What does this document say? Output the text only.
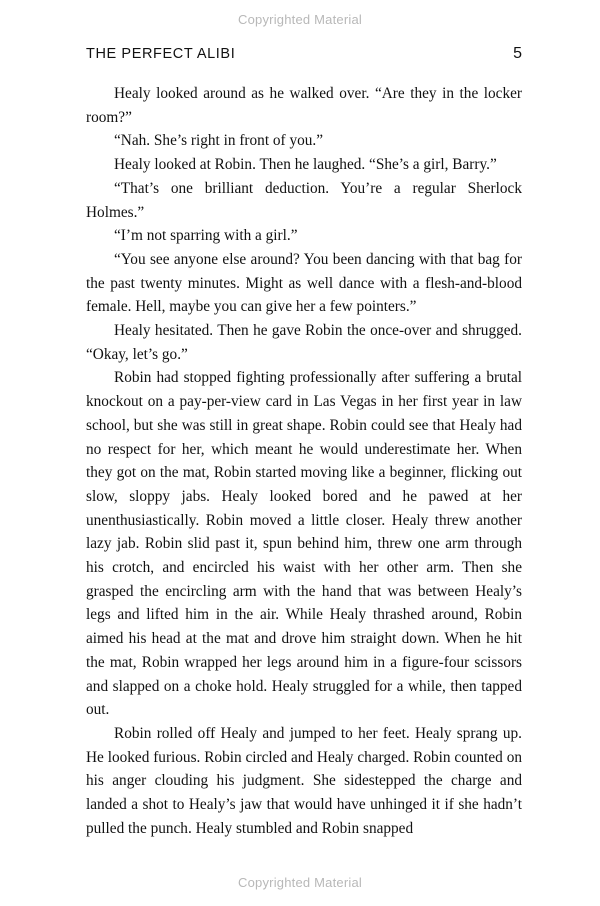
Copyrighted Material
THE PERFECT ALIBI	5

Healy looked around as he walked over. “Are they in the locker room?”

“Nah. She’s right in front of you.”

Healy looked at Robin. Then he laughed. “She’s a girl, Barry.”

“That’s one brilliant deduction. You’re a regular Sherlock Holmes.”

“I’m not sparring with a girl.”

“You see anyone else around? You been dancing with that bag for the past twenty minutes. Might as well dance with a flesh-and-blood female. Hell, maybe you can give her a few pointers.”

Healy hesitated. Then he gave Robin the once-over and shrugged. “Okay, let’s go.”

Robin had stopped fighting professionally after suffering a brutal knockout on a pay-per-view card in Las Vegas in her first year in law school, but she was still in great shape. Robin could see that Healy had no respect for her, which meant he would underestimate her. When they got on the mat, Robin started moving like a beginner, flicking out slow, sloppy jabs. Healy looked bored and he pawed at her unenthusiastically. Robin moved a little closer. Healy threw another lazy jab. Robin slid past it, spun behind him, threw one arm through his crotch, and encircled his waist with her other arm. Then she grasped the encircling arm with the hand that was between Healy’s legs and lifted him in the air. While Healy thrashed around, Robin aimed his head at the mat and drove him straight down. When he hit the mat, Robin wrapped her legs around him in a figure-four scissors and slapped on a choke hold. Healy struggled for a while, then tapped out.

Robin rolled off Healy and jumped to her feet. Healy sprang up. He looked furious. Robin circled and Healy charged. Robin counted on his anger clouding his judgment. She sidestepped the charge and landed a shot to Healy’s jaw that would have unhinged it if she hadn’t pulled the punch. Healy stumbled and Robin snapped

Copyrighted Material
